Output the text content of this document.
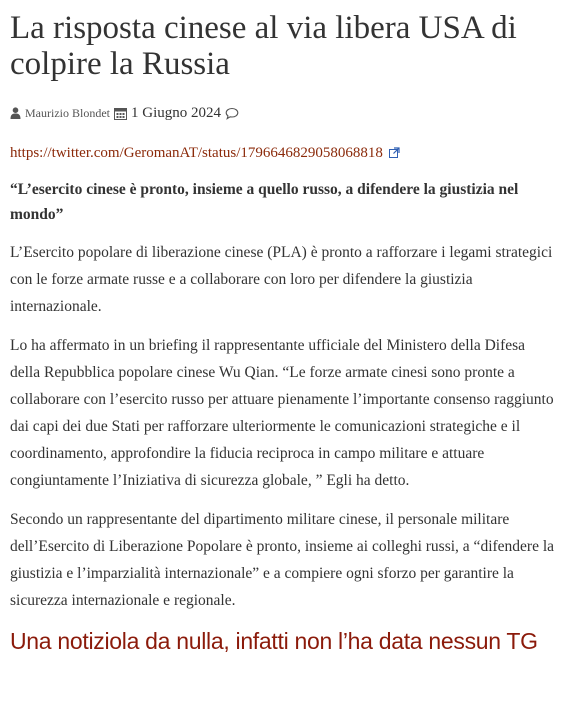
La risposta cinese al via libera USA di colpire la Russia
Maurizio Blondet 1 Giugno 2024
https://twitter.com/GeromanAT/status/1796646829058068818

“L’esercito cinese è pronto, insieme a quello russo, a difendere la giustizia nel mondo”

L’Esercito popolare di liberazione cinese (PLA) è pronto a rafforzare i legami strategici con le forze armate russe e a collaborare con loro per difendere la giustizia internazionale.

Lo ha affermato in un briefing il rappresentante ufficiale del Ministero della Difesa della Repubblica popolare cinese Wu Qian. “Le forze armate cinesi sono pronte a collaborare con l’esercito russo per attuare pienamente l’importante consenso raggiunto dai capi dei due Stati per rafforzare ulteriormente le comunicazioni strategiche e il coordinamento, approfondire la fiducia reciproca in campo militare e attuare congiuntamente l’Iniziativa di sicurezza globale, ” Egli ha detto.

Secondo un rappresentante del dipartimento militare cinese, il personale militare dell’Esercito di Liberazione Popolare è pronto, insieme ai colleghi russi, a “difendere la giustizia e l’imparzialità internazionale” e a compiere ogni sforzo per garantire la sicurezza internazionale e regionale.

Una notiziola da nulla, infatti non l’ha data nessun TG
